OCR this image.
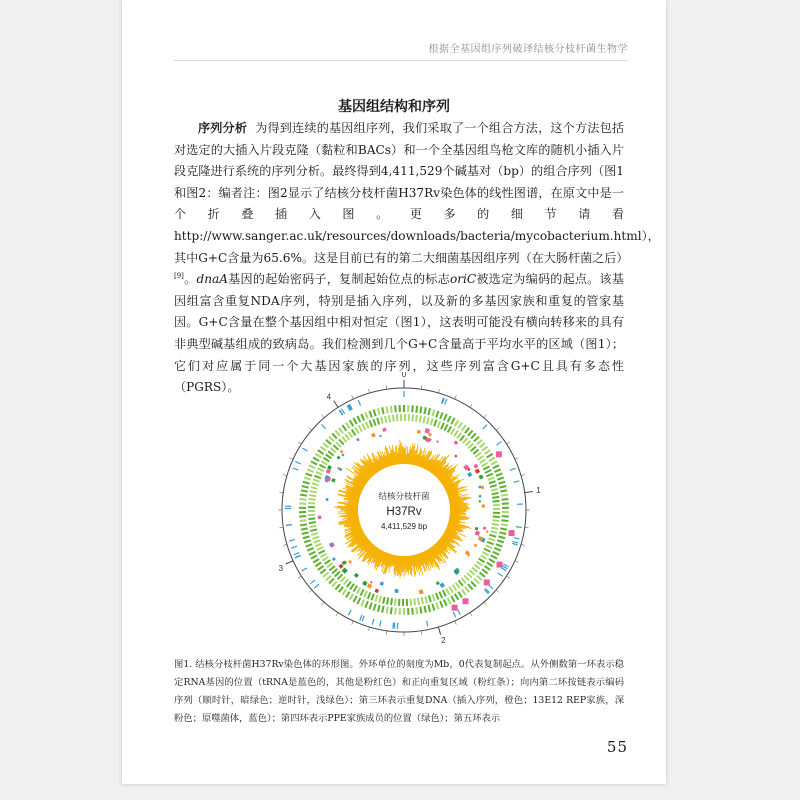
根据全基因组序列破译结核分枝杆菌生物学
基因组结构和序列
序列分析 为得到连续的基因组序列，我们采取了一个组合方法，这个方法包括对选定的大插入片段克隆（黏粒和BACs）和一个全基因组鸟枪文库的随机小插入片段克隆进行系统的序列分析。最终得到4,411,529个碱基对（bp）的组合序列（图1和图2：编者注：图2显示了结核分枝杆菌H37Rv染色体的线性图谱，在原文中是一个折叠插入图。更多的细节请看http://www.sanger.ac.uk/resources/downloads/bacteria/mycobacterium.html），其中G+C含量为65.6%。这是目前已有的第二大细菌基因组序列（在大肠杆菌之后）[9]。dnaA基因的起始密码子，复制起始位点的标志oriC被选定为编码的起点。该基因组富含重复NDA序列，特别是插入序列，以及新的多基因家族和重复的管家基因。G+C含量在整个基因组中相对恒定（图1），这表明可能没有横向转移来的具有非典型碱基组成的致病岛。我们检测到几个G+C含量高于平均水平的区域（图1）；它们对应属于同一个大基因家族的序列，这些序列富含G+C且具有多态性（PGRS）。
结核分枝杆菌
H37Rv
4,411,529 bp
0
1
2
3
4
图1. 结核分枝杆菌H37Rv染色体的环形图。外环单位的刻度为Mb，0代表复制起点。从外侧数第一环表示稳定RNA基因的位置（tRNA是蓝色的，其他是粉红色）和正向重复区域（粉红条）；向内第二环按链表示编码序列（顺时针，暗绿色；逆时针，浅绿色）；第三环表示重复DNA（插入序列，橙色；13E12 REP家族，深粉色；原噬菌体，蓝色）；第四环表示PPE家族成员的位置（绿色）；第五环表示
55
